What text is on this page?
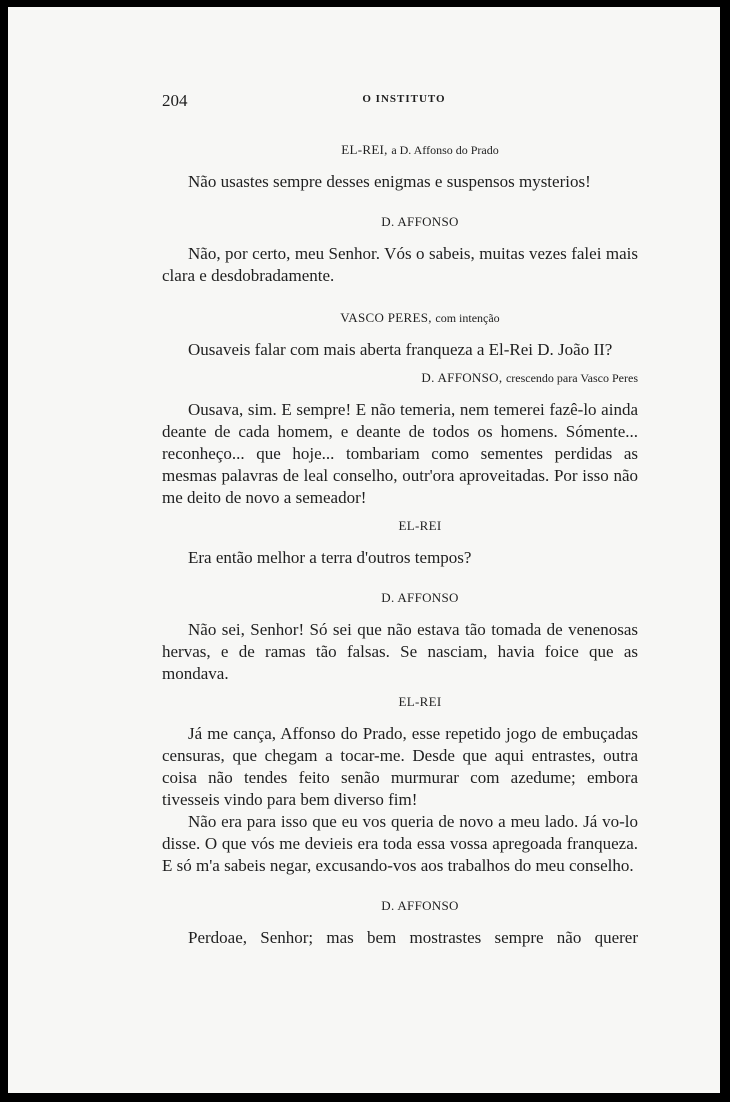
204	O INSTITUTO
EL-REI, a D. Affonso do Prado

Não usastes sempre desses enigmas e suspensos mysterios!

D. AFFONSO

Não, por certo, meu Senhor. Vós o sabeis, muitas vezes falei mais clara e desdobradamente.

VASCO PERES, com intenção

Ousaveis falar com mais aberta franqueza a El-Rei D. João II?

D. AFFONSO, crescendo para Vasco Peres

Ousava, sim. E sempre! E não temeria, nem temerei fazê-lo ainda deante de cada homem, e deante de todos os homens. Sómente... reconheço... que hoje... tombariam como sementes perdidas as mesmas palavras de leal conselho, outr'ora aproveitadas. Por isso não me deito de novo a semeador!

EL-REI

Era então melhor a terra d'outros tempos?

D. AFFONSO

Não sei, Senhor! Só sei que não estava tão tomada de venenosas hervas, e de ramas tão falsas. Se nasciam, havia foice que as mondava.

EL-REI

Já me cança, Affonso do Prado, esse repetido jogo de embuçadas censuras, que chegam a tocar-me. Desde que aqui entrastes, outra coisa não tendes feito senão murmurar com azedume; embora tivesseis vindo para bem diverso fim!

Não era para isso que eu vos queria de novo a meu lado. Já vo-lo disse. O que vós me devieis era toda essa vossa apregoada franqueza. E só m'a sabeis negar, excusando-vos aos trabalhos do meu conselho.

D. AFFONSO

Perdoae, Senhor; mas bem mostrastes sempre não querer
